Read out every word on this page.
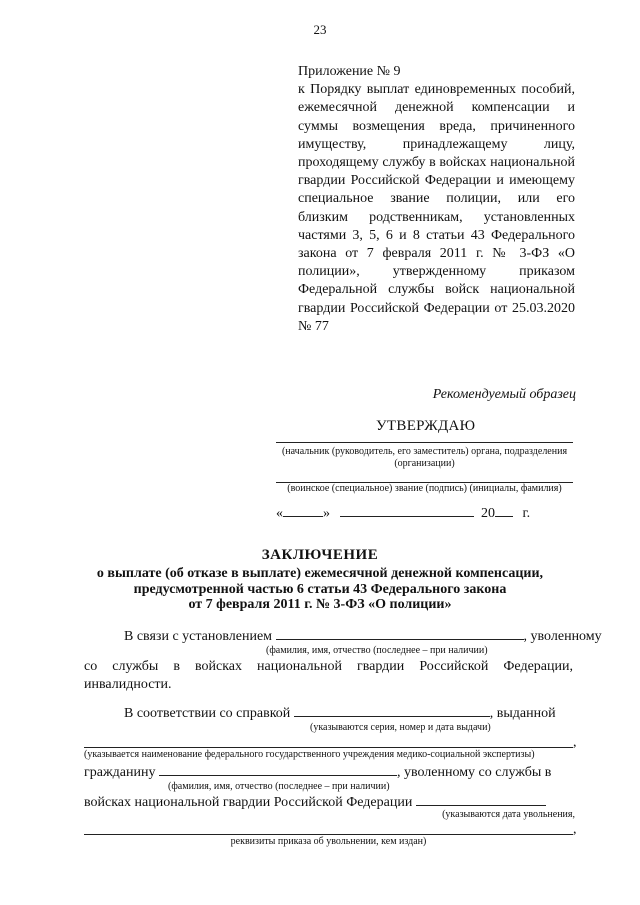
23
Приложение № 9
к Порядку выплат единовременных пособий, ежемесячной денежной компенсации и суммы возмещения вреда, причиненного имуществу, принадлежащему лицу, проходящему службу в войсках национальной гвардии Российской Федерации и имеющему специальное звание полиции, или его близким родственникам, установленных частями 3, 5, 6 и 8 статьи 43 Федерального закона от 7 февраля 2011 г. № 3-ФЗ «О полиции», утвержденному приказом Федеральной службы войск национальной гвардии Российской Федерации от 25.03.2020 № 77
Рекомендуемый образец
УТВЕРЖДАЮ
(начальник (руководитель, его заместитель) органа, подразделения (организации)
(воинское (специальное) звание (подпись) (инициалы, фамилия)
«	»	20 г.
ЗАКЛЮЧЕНИЕ
о выплате (об отказе в выплате) ежемесячной денежной компенсации,
предусмотренной частью 6 статьи 43 Федерального закона
от 7 февраля 2011 г. № 3-ФЗ «О полиции»
В связи с установлением	, уволенному
(фамилия, имя, отчество (последнее – при наличии)
со службы в войсках национальной гвардии Российской Федерации,
инвалидности.
В соответствии со справкой	, выданной
(указываются серия, номер и дата выдачи)
,
(указывается наименование федерального государственного учреждения медико-социальной экспертизы)
гражданину	, уволенному со службы в
(фамилия, имя, отчество (последнее – при наличии)
войсках национальной гвардии Российской Федерации
(указываются дата увольнения,
,
реквизиты приказа об увольнении, кем издан)
